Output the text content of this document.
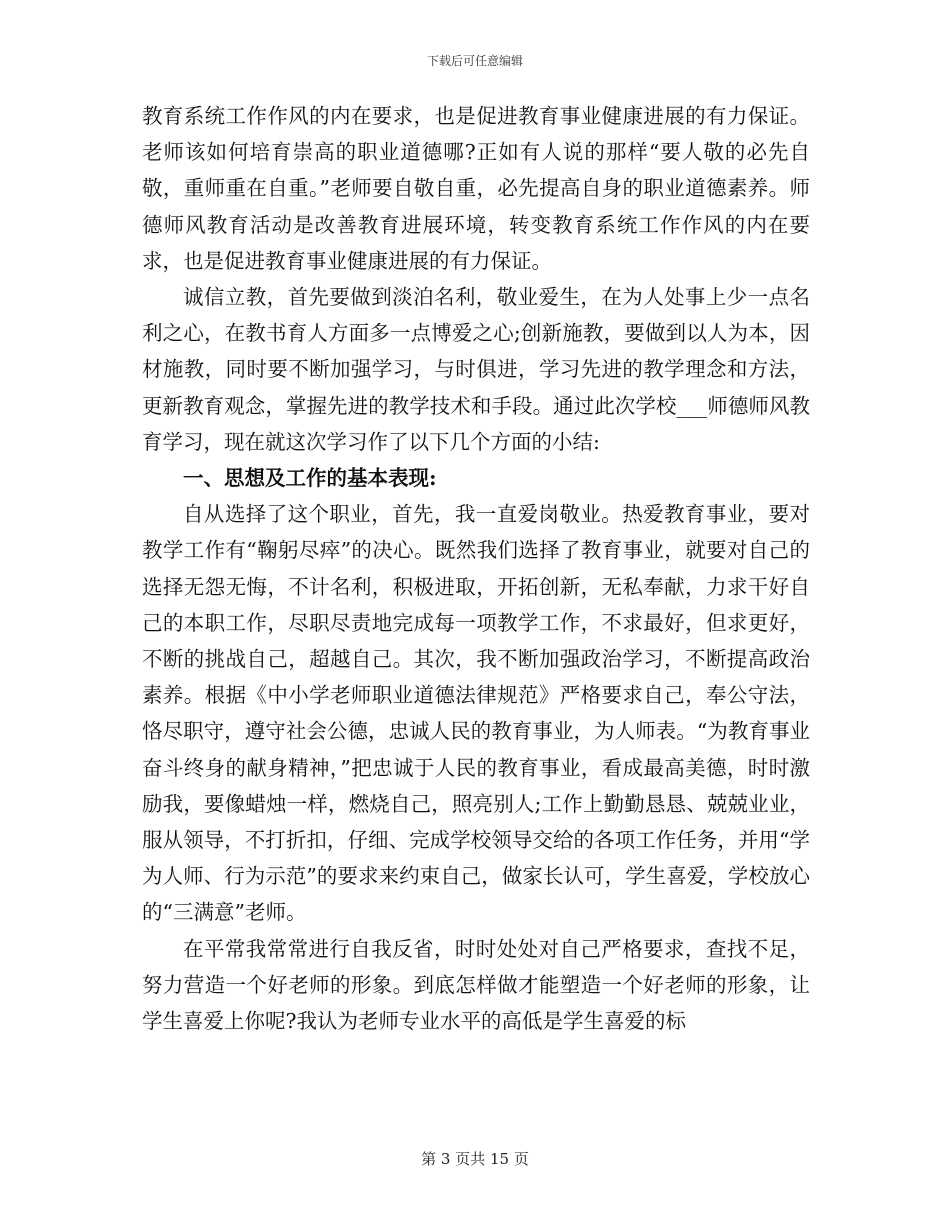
下载后可任意编辑

教育系统工作作风的内在要求，也是促进教育事业健康进展的有力保证。老师该如何培育崇高的职业道德哪?正如有人说的那样“要人敬的必先自敬，重师重在自重。”老师要自敬自重，必先提高自身的职业道德素养。师德师风教育活动是改善教育进展环境，转变教育系统工作作风的内在要求，也是促进教育事业健康进展的有力保证。

诚信立教，首先要做到淡泊名利，敬业爱生，在为人处事上少一点名利之心，在教书育人方面多一点博爱之心;创新施教，要做到以人为本，因材施教，同时要不断加强学习，与时俱进，学习先进的教学理念和方法，更新教育观念，掌握先进的教学技术和手段。通过此次学校___师德师风教育学习，现在就这次学习作了以下几个方面的小结:

一、思想及工作的基本表现:

自从选择了这个职业，首先，我一直爱岗敬业。热爱教育事业，要对教学工作有“鞠躬尽瘁”的决心。既然我们选择了教育事业，就要对自己的选择无怨无悔，不计名利，积极进取，开拓创新，无私奉献，力求干好自己的本职工作，尽职尽责地完成每一项教学工作，不求最好，但求更好，不断的挑战自己，超越自己。其次，我不断加强政治学习，不断提高政治素养。根据《中小学老师职业道德法律规范》严格要求自己，奉公守法，恪尽职守，遵守社会公德，忠诚人民的教育事业，为人师表。“为教育事业奋斗终身的献身精神，”把忠诚于人民的教育事业，看成最高美德，时时激励我，要像蜡烛一样，燃烧自己，照亮别人;工作上勤勤恳恳、兢兢业业，服从领导，不打折扣，仔细、完成学校领导交给的各项工作任务，并用“学为人师、行为示范”的要求来约束自己，做家长认可，学生喜爱，学校放心的“三满意”老师。

在平常我常常进行自我反省，时时处处对自己严格要求，查找不足，努力营造一个好老师的形象。到底怎样做才能塑造一个好老师的形象，让学生喜爱上你呢?我认为老师专业水平的高低是学生喜爱的标

第 3 页共 15 页
